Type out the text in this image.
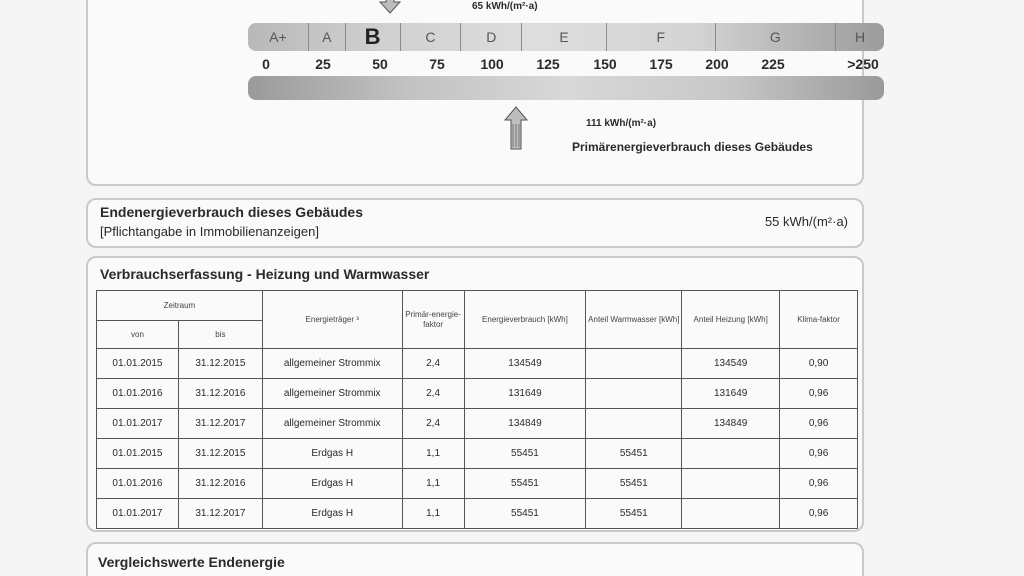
65 kWh/(m²·a)
A+	A	B	C	D	E	F	G	H
0	25	50	75	100 125 150 175 200 225	>250
111 kWh/(m²·a)
Primärenergieverbrauch dieses Gebäudes
Endenergieverbrauch dieses Gebäudes
[Pflichtangabe in Immobilienanzeigen]
55 kWh/(m²·a)
Verbrauchserfassung - Heizung und Warmwasser
Zeitraum		Energieträger ³	Primär-energie-faktor	Energieverbrauch [kWh]	Anteil Warmwasser [kWh]	Anteil Heizung [kWh]	Klima-faktor
von	bis						
01.01.2015	31.12.2015	allgemeiner Strommix	2,4	134549		134549	0,90
01.01.2016	31.12.2016	allgemeiner Strommix	2,4	131649		131649	0,96
01.01.2017	31.12.2017	allgemeiner Strommix	2,4	134849		134849	0,96
01.01.2015	31.12.2015	Erdgas H	1,1	55451	55451		0,96
01.01.2016	31.12.2016	Erdgas H	1,1	55451	55451		0,96
01.01.2017	31.12.2017	Erdgas H	1,1	55451	55451		0,96
Vergleichswerte Endenergie
